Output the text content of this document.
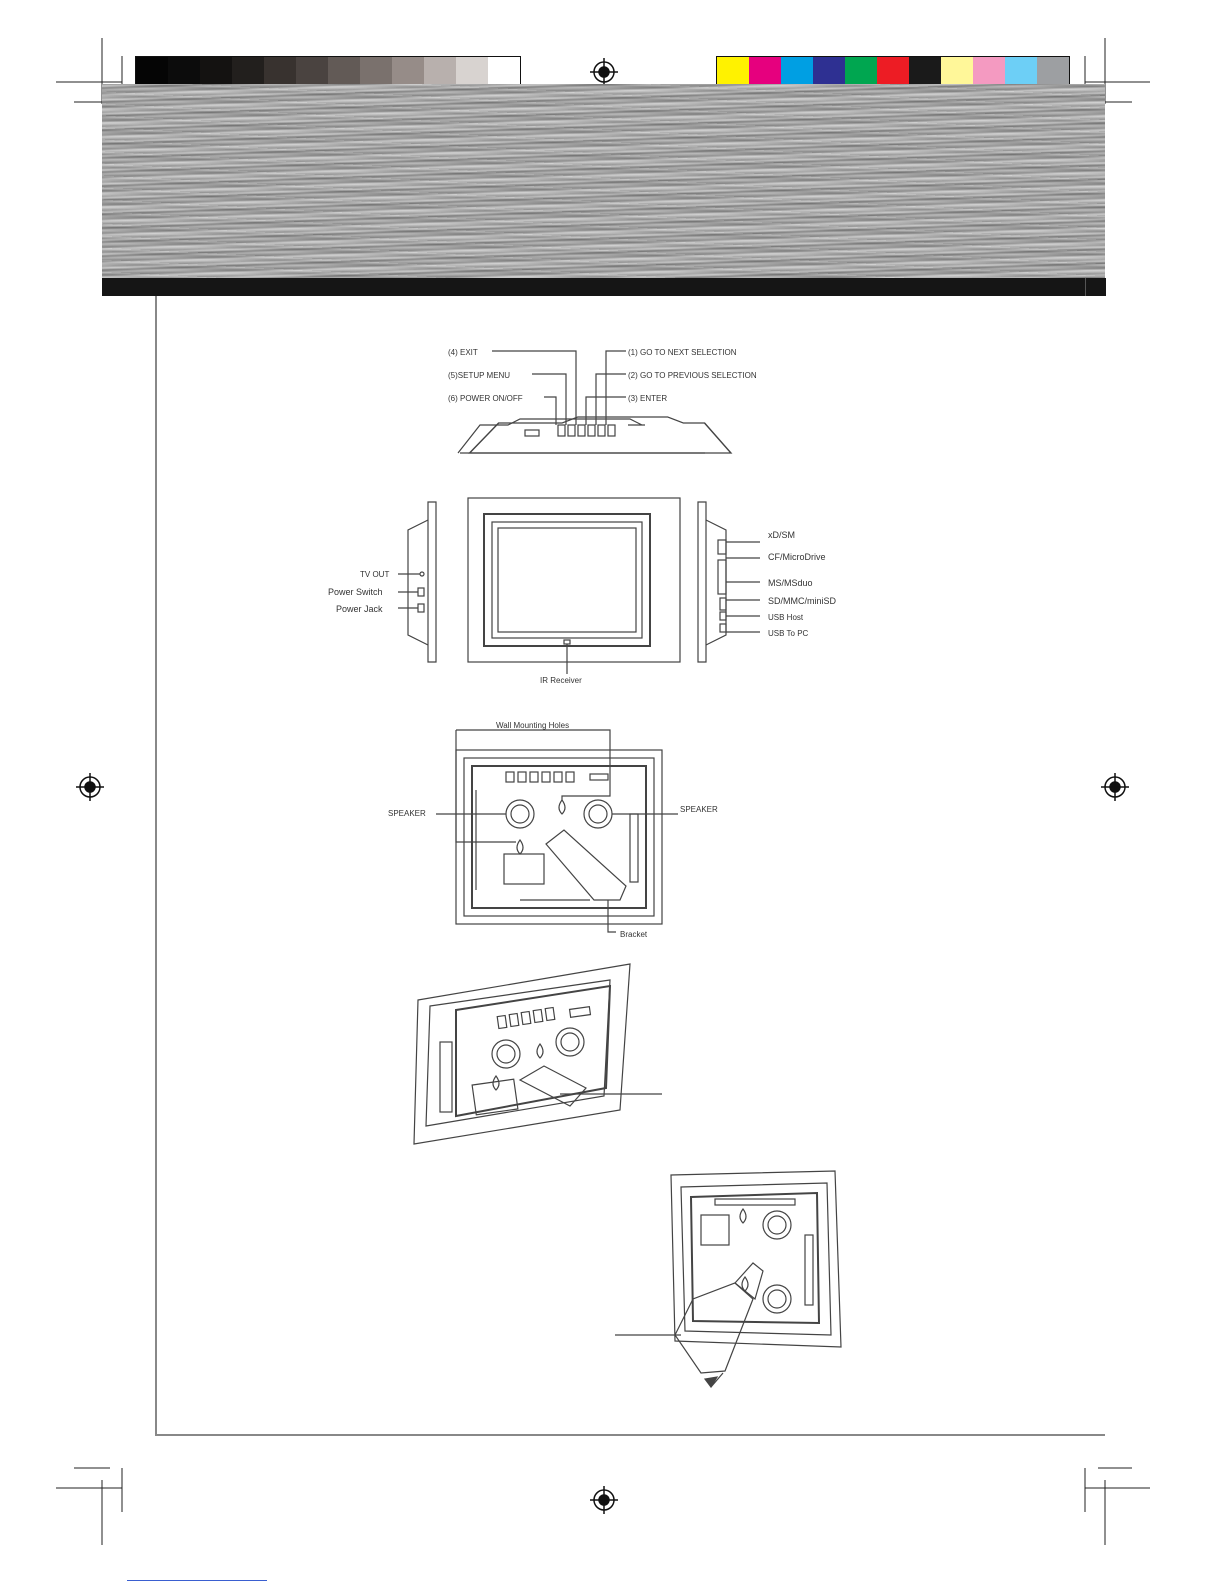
(4) EXIT
(5)SETUP MENU
(6) POWER ON/OFF
(1) GO TO NEXT SELECTION
(2) GO TO PREVIOUS SELECTION
(3) ENTER
TV OUT
Power Switch
Power Jack
IR Receiver
xD/SM
CF/MicroDrive
MS/MSduo
SD/MMC/miniSD
USB Host
USB To PC
Wall Mounting Holes
SPEAKER	SPEAKER
Bracket
